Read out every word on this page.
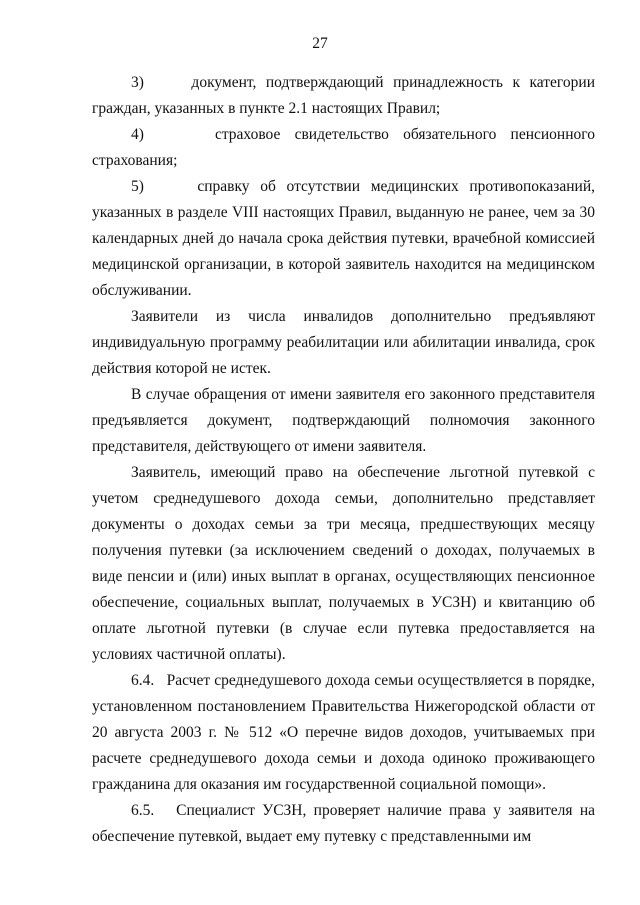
27

3)     документ, подтверждающий принадлежность к категории граждан, указанных в пункте 2.1 настоящих Правил;

4)     страховое свидетельство обязательного пенсионного страхования;

5)     справку об отсутствии медицинских противопоказаний, указанных в разделе VIII настоящих Правил, выданную не ранее, чем за 30 календарных дней до начала срока действия путевки, врачебной комиссией медицинской организации, в которой заявитель находится на медицинском обслуживании.

Заявители из числа инвалидов дополнительно предъявляют индивидуальную программу реабилитации или абилитации инвалида, срок действия которой не истек.

В случае обращения от имени заявителя его законного представителя предъявляется документ, подтверждающий полномочия законного представителя, действующего от имени заявителя.

Заявитель, имеющий право на обеспечение льготной путевкой с учетом среднедушевого дохода семьи, дополнительно представляет документы о доходах семьи за три месяца, предшествующих месяцу получения путевки (за исключением сведений о доходах, получаемых в виде пенсии и (или) иных выплат в органах, осуществляющих пенсионное обеспечение, социальных выплат, получаемых в УСЗН) и квитанцию об оплате льготной путевки (в случае если путевка предоставляется на условиях частичной оплаты).

6.4.   Расчет среднедушевого дохода семьи осуществляется в порядке, установленном постановлением Правительства Нижегородской области от 20 августа 2003 г. № 512 «О перечне видов доходов, учитываемых при расчете среднедушевого дохода семьи и дохода одиноко проживающего гражданина для оказания им государственной социальной помощи».

6.5.   Специалист УСЗН, проверяет наличие права у заявителя на обеспечение путевкой, выдает ему путевку с представленными им
